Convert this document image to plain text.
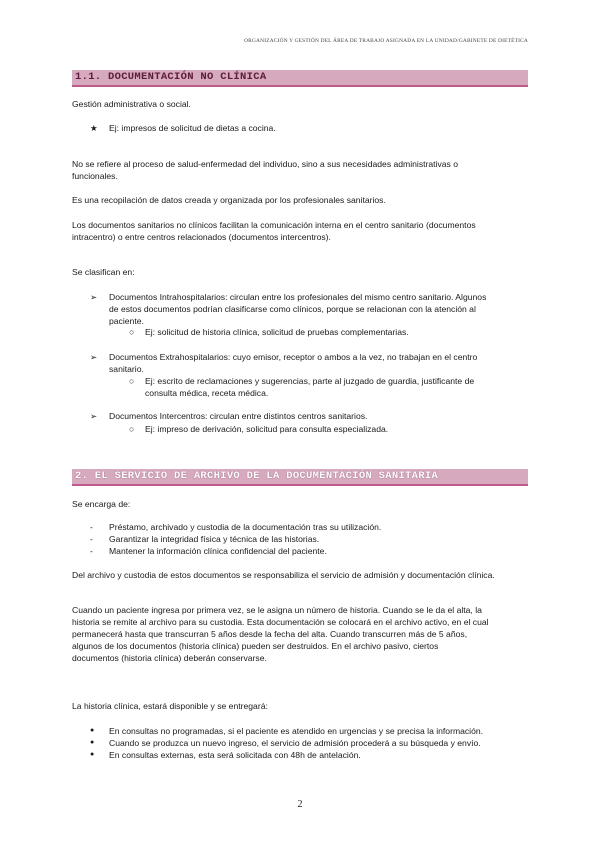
ORGANIZACIÓN Y GESTIÓN DEL ÁREA DE TRABAJO ASIGNADA EN LA UNIDAD/GABINETE DE DIETÉTICA
1.1. DOCUMENTACIÓN NO CLÍNICA
Gestión administrativa o social.
★ Ej: impresos de solicitud de dietas a cocina.
No se refiere al proceso de salud-enfermedad del individuo, sino a sus necesidades administrativas o
funcionales.
Es una recopilación de datos creada y organizada por los profesionales sanitarios.
Los documentos sanitarios no clínicos facilitan la comunicación interna en el centro sanitario (documentos
intracentro) o entre centros relacionados (documentos intercentros).
Se clasifican en:
➢ Documentos Intrahospitalarios: circulan entre los profesionales del mismo centro sanitario. Algunos
de estos documentos podrían clasificarse como clínicos, porque se relacionan con la atención al
paciente.
○ Ej: solicitud de historia clínica, solicitud de pruebas complementarias.
➢ Documentos Extrahospitalarios: cuyo emisor, receptor o ambos a la vez, no trabajan en el centro
sanitario.
○ Ej: escrito de reclamaciones y sugerencias, parte al juzgado de guardia, justificante de
consulta médica, receta médica.
➢ Documentos Intercentros: circulan entre distintos centros sanitarios.
○ Ej: impreso de derivación, solicitud para consulta especializada.
2. EL SERVICIO DE ARCHIVO DE LA DOCUMENTACIÓN SANITARIA
Se encarga de:
- Préstamo, archivado y custodia de la documentación tras su utilización.
- Garantizar la integridad física y técnica de las historias.
- Mantener la información clínica confidencial del paciente.
Del archivo y custodia de estos documentos se responsabiliza el servicio de admisión y documentación clínica.
Cuando un paciente ingresa por primera vez, se le asigna un número de historia. Cuando se le da el alta, la
historia se remite al archivo para su custodia. Esta documentación se colocará en el archivo activo, en el cual
permanecerá hasta que transcurran 5 años desde la fecha del alta. Cuando transcurren más de 5 años,
algunos de los documentos (historia clínica) pueden ser destruidos. En el archivo pasivo, ciertos
documentos (historia clínica) deberán conservarse.
La historia clínica, estará disponible y se entregará:
● En consultas no programadas, si el paciente es atendido en urgencias y se precisa la información.
● Cuando se produzca un nuevo ingreso, el servicio de admisión procederá a su búsqueda y envío.
● En consultas externas, esta será solicitada con 48h de antelación.
2
